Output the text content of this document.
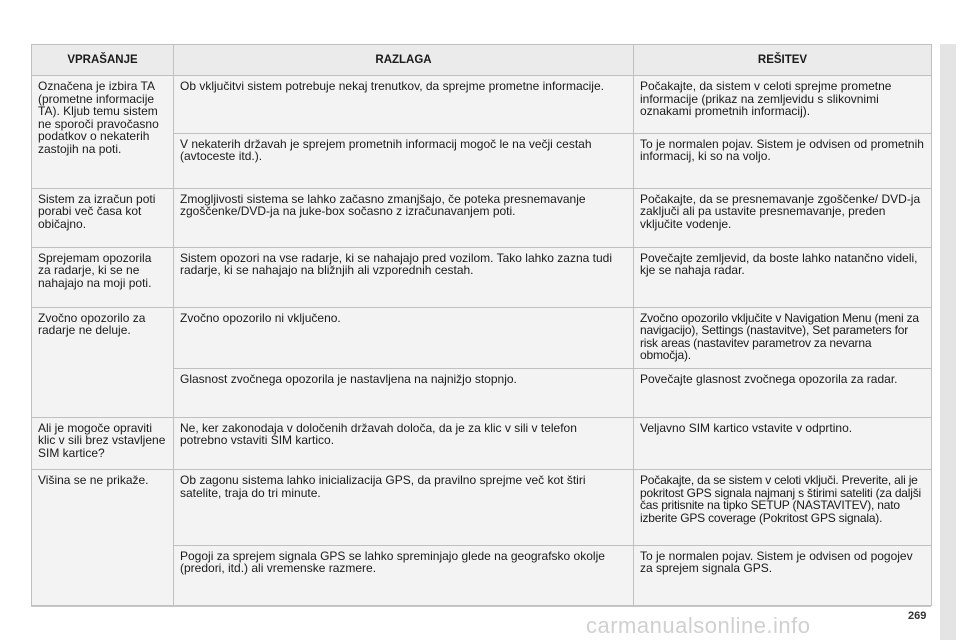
VPRAŠANJE	RAZLAGA	REŠITEV
Označena je izbira TA (prometne informacije TA). Kljub temu sistem ne sporoči pravočasno podatkov o nekaterih zastojih na poti.	Ob vključitvi sistem potrebuje nekaj trenutkov, da sprejme prometne informacije.	Počakajte, da sistem v celoti sprejme prometne informacije (prikaz na zemljevidu s slikovnimi oznakami prometnih informacij).
	V nekaterih državah je sprejem prometnih informacij mogoč le na večji cestah (avtoceste itd.).	To je normalen pojav. Sistem je odvisen od prometnih informacij, ki so na voljo.
Sistem za izračun poti porabi več časa kot običajno.	Zmogljivosti sistema se lahko začasno zmanjšajo, če poteka presnemavanje zgoščenke/DVD-ja na juke-box sočasno z izračunavanjem poti.	Počakajte, da se presnemavanje zgoščenke/ DVD-ja zaključi ali pa ustavite presnemavanje, preden vključite vodenje.
Sprejemam opozorila za radarje, ki se ne nahajajo na moji poti.	Sistem opozori na vse radarje, ki se nahajajo pred vozilom. Tako lahko zazna tudi radarje, ki se nahajajo na bližnjih ali vzporednih cestah.	Povečajte zemljevid, da boste lahko natančno videli, kje se nahaja radar.
Zvočno opozorilo za radarje ne deluje.	Zvočno opozorilo ni vključeno.	Zvočno opozorilo vključite v Navigation Menu (meni za navigacijo), Settings (nastavitve), Set parameters for risk areas (nastavitev parametrov za nevarna območja).
	Glasnost zvočnega opozorila je nastavljena na najnižjo stopnjo.	Povečajte glasnost zvočnega opozorila za radar.
Ali je mogoče opraviti klic v sili brez vstavljene SIM kartice?	Ne, ker zakonodaja v določenih državah določa, da je za klic v sili v telefon potrebno vstaviti SIM kartico.	Veljavno SIM kartico vstavite v odprtino.
Višina se ne prikaže.	Ob zagonu sistema lahko inicializacija GPS, da pravilno sprejme več kot štiri satelite, traja do tri minute.	Počakajte, da se sistem v celoti vključi. Preverite, ali je pokritost GPS signala najmanj s štirimi sateliti (za daljši čas pritisnite na tipko SETUP (NASTAVITEV), nato izberite GPS coverage (Pokritost GPS signala).
	Pogoji za sprejem signala GPS se lahko spreminjajo glede na geografsko okolje (predori, itd.) ali vremenske razmere.	To je normalen pojav. Sistem je odvisen od pogojev za sprejem signala GPS.
carmanualsonline.info	269
